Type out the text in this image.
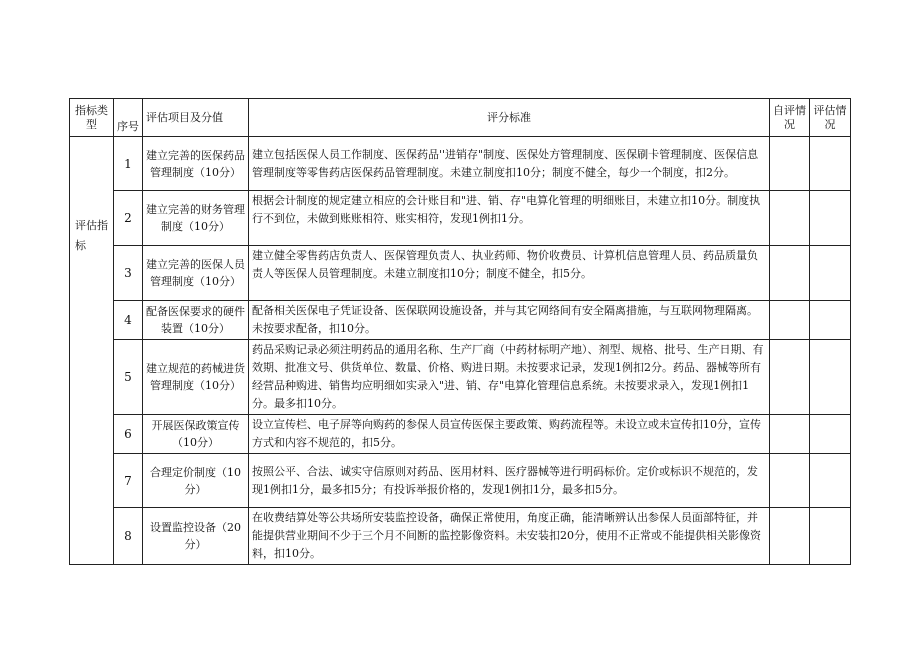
指标类型	序号	评估项目及分值	评分标准	自评情况	评估情况

评估指标	1	建立完善的医保药品管理制度（10分）	建立包括医保人员工作制度、医保药品''进销存"制度、医保处方管理制度、医保刷卡管理制度、医保信息管理制度等零售药店医保药品管理制度。未建立制度扣10分；制度不健全，每少一个制度，扣2分。		
	2	建立完善的财务管理制度（10分）	根据会计制度的规定建立相应的会计账目和"进、销、存"电算化管理的明细账目，未建立扣10分。制度执行不到位，未做到账账相符、账实相符，发现1例扣1分。		
	3	建立完善的医保人员管理制度（10分）	建立健全零售药店负责人、医保管理负责人、执业药师、物价收费员、计算机信息管理人员、药品质量负责人等医保人员管理制度。未建立制度扣10分；制度不健全，扣5分。		
	4	配备医保要求的硬件装置（10分）	配备相关医保电子凭证设备、医保联网设施设备，并与其它网络间有安全隔离措施，与互联网物理隔离。未按要求配备，扣10分。		
	5	建立规范的药械进货管理制度（10分）	药品采购记录必须注明药品的通用名称、生产厂商（中药材标明产地）、剂型、规格、批号、生产日期、有效期、批准文号、供货单位、数量、价格、购进日期。未按要求记录，发现1例扣2分。药品、器械等所有经营品种购进、销售均应明细如实录入"进、销、存"电算化管理信息系统。未按要求录入，发现1例扣1分。最多扣10分。		
	6	开展医保政策宣传（10分）	设立宣传栏、电子屏等向购药的参保人员宣传医保主要政策、购药流程等。未设立或未宣传扣10分，宣传方式和内容不规范的，扣5分。		
	7	合理定价制度（10分）	按照公平、合法、诚实守信原则对药品、医用材料、医疗器械等进行明码标价。定价或标识不规范的，发现1例扣1分，最多扣5分；有投诉举报价格的，发现1例扣1分，最多扣5分。		
	8	设置监控设备（20分）	在收费结算处等公共场所安装监控设备，确保正常使用，角度正确，能清晰辨认出参保人员面部特征，并能提供营业期间不少于三个月不间断的监控影像资料。未安装扣20分，使用不正常或不能提供相关影像资料，扣10分。		
